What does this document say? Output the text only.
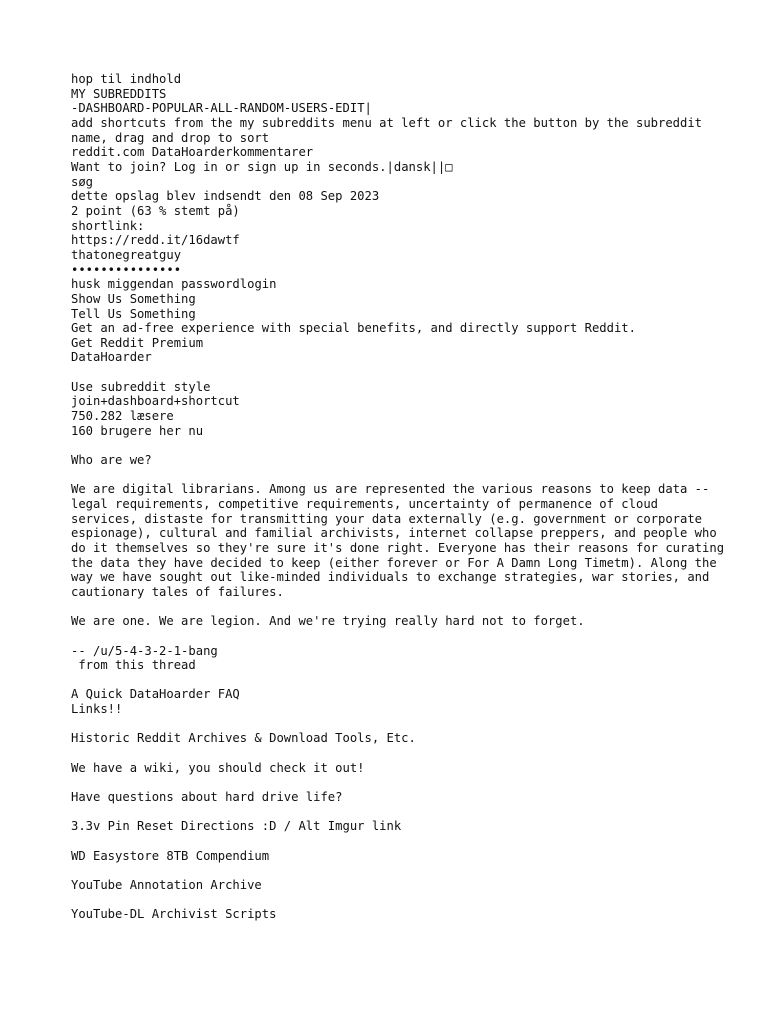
hop til indhold
MY SUBREDDITS
-DASHBOARD-POPULAR-ALL-RANDOM-USERS-EDIT|
add shortcuts from the my subreddits menu at left or click the button by the subreddit name, drag and drop to sort
reddit.com DataHoarderkommentarer
Want to join? Log in or sign up in seconds.|dansk||□
søg
dette opslag blev indsendt den 08 Sep 2023
2 point (63 % stemt på)
shortlink:
https://redd.it/16dawtf
thatonegreatguy
•••••••••••••••
husk miggendan passwordlogin
Show Us Something
Tell Us Something
Get an ad-free experience with special benefits, and directly support Reddit.
Get Reddit Premium
DataHoarder
Use subreddit style
join+dashboard+shortcut
750.282 læsere
160 brugere her nu
Who are we?
We are digital librarians. Among us are represented the various reasons to keep data -- legal requirements, competitive requirements, uncertainty of permanence of cloud services, distaste for transmitting your data externally (e.g. government or corporate espionage), cultural and familial archivists, internet collapse preppers, and people who do it themselves so they're sure it's done right. Everyone has their reasons for curating the data they have decided to keep (either forever or For A Damn Long Timetm). Along the way we have sought out like-minded individuals to exchange strategies, war stories, and cautionary tales of failures.
We are one. We are legion. And we're trying really hard not to forget.
-- /u/5-4-3-2-1-bang
from this thread
A Quick DataHoarder FAQ
Links!!
Historic Reddit Archives & Download Tools, Etc.
We have a wiki, you should check it out!
Have questions about hard drive life?
3.3v Pin Reset Directions :D / Alt Imgur link
WD Easystore 8TB Compendium
YouTube Annotation Archive
YouTube-DL Archivist Scripts
